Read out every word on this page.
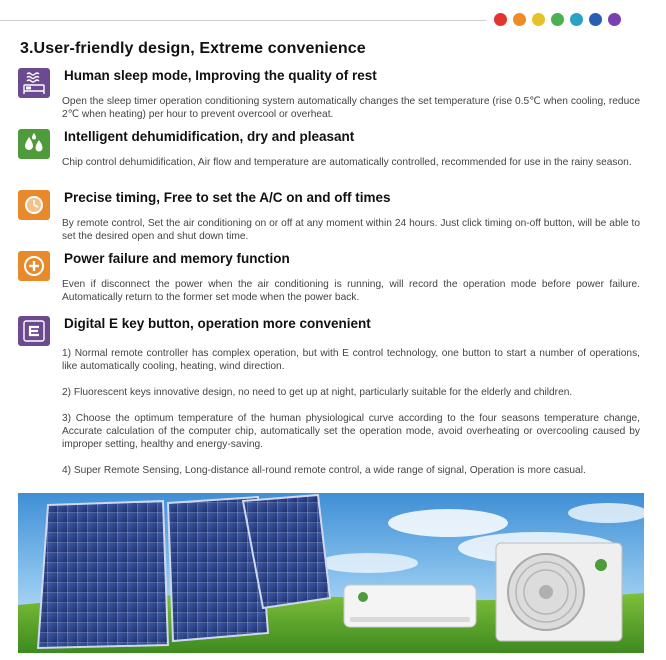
3.User-friendly design, Extreme convenience
Human sleep mode, Improving the quality of rest
Open the sleep timer operation conditioning system automatically changes the set temperature (rise 0.5℃ when cooling, reduce 2℃ when heating) per hour to prevent overcool or overheat.
Intelligent dehumidification, dry and pleasant
Chip control dehumidification, Air flow and temperature are automatically controlled, recommended for use in the rainy season.
Precise timing, Free to set the A/C on and off times
By remote control, Set the air conditioning on or off at any moment within 24 hours. Just click timing on-off button, will be able to set the desired open and shut down time.
Power failure and memory function
Even if disconnect the power when the air conditioning is running, will record the operation mode before power failure. Automatically return to the former set mode when the power back.
Digital E key button, operation more convenient
1) Normal remote controller has complex operation, but with E control technology, one button to start a number of operations, like automatically cooling, heating, wind direction.
2) Fluorescent keys innovative design, no need to get up at night, particularly suitable for the elderly and children.
3) Choose the optimum temperature of the human physiological curve according to the four seasons temperature change, Accurate calculation of the computer chip, automatically set the operation mode, avoid overheating or overcooling caused by improper setting, healthy and energy-saving.
4) Super Remote Sensing, Long-distance all-round remote control, a wide range of signal, Operation is more casual.
